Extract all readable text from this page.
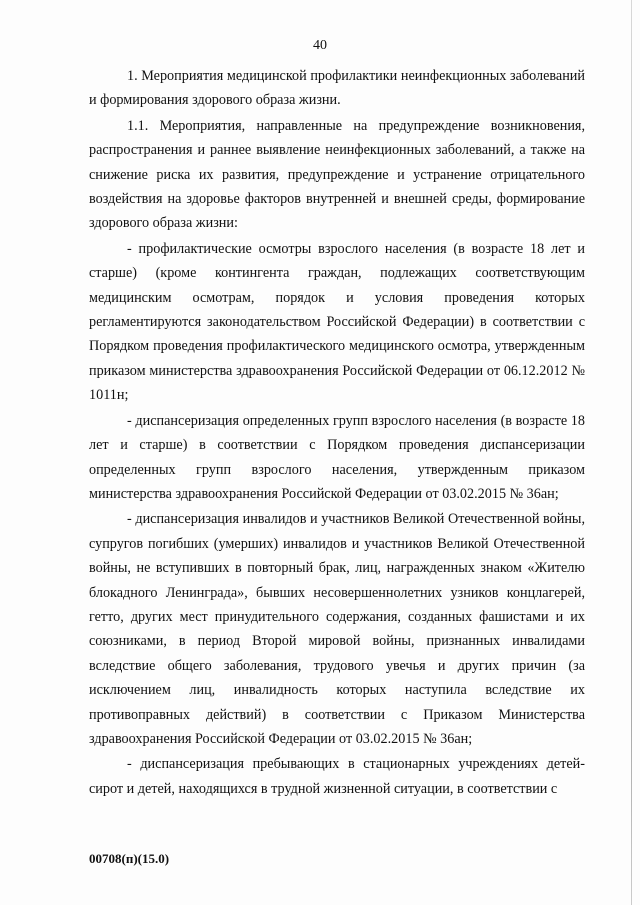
40

1. Мероприятия медицинской профилактики неинфекционных заболеваний и формирования здорового образа жизни.

1.1. Мероприятия, направленные на предупреждение возникновения, распространения и раннее выявление неинфекционных заболеваний, а также на снижение риска их развития, предупреждение и устранение отрицательного воздействия на здоровье факторов внутренней и внешней среды, формирование здорового образа жизни:

- профилактические осмотры взрослого населения (в возрасте 18 лет и старше) (кроме контингента граждан, подлежащих соответствующим медицинским осмотрам, порядок и условия проведения которых регламентируются законодательством Российской Федерации) в соответствии с Порядком проведения профилактического медицинского осмотра, утвержденным приказом министерства здравоохранения Российской Федерации от 06.12.2012 № 1011н;

- диспансеризация определенных групп взрослого населения (в возрасте 18 лет и старше) в соответствии с Порядком проведения диспансеризации определенных групп взрослого населения, утвержденным приказом министерства здравоохранения Российской Федерации от 03.02.2015 № 36ан;

- диспансеризация инвалидов и участников Великой Отечественной войны, супругов погибших (умерших) инвалидов и участников Великой Отечественной войны, не вступивших в повторный брак, лиц, награжденных знаком «Жителю блокадного Ленинграда», бывших несовершеннолетних узников концлагерей, гетто, других мест принудительного содержания, созданных фашистами и их союзниками, в период Второй мировой войны, признанных инвалидами вследствие общего заболевания, трудового увечья и других причин (за исключением лиц, инвалидность которых наступила вследствие их противоправных действий) в соответствии с Приказом Министерства здравоохранения Российской Федерации от 03.02.2015 № 36ан;

- диспансеризация пребывающих в стационарных учреждениях детей-сирот и детей, находящихся в трудной жизненной ситуации, в соответствии с

00708(п)(15.0)
